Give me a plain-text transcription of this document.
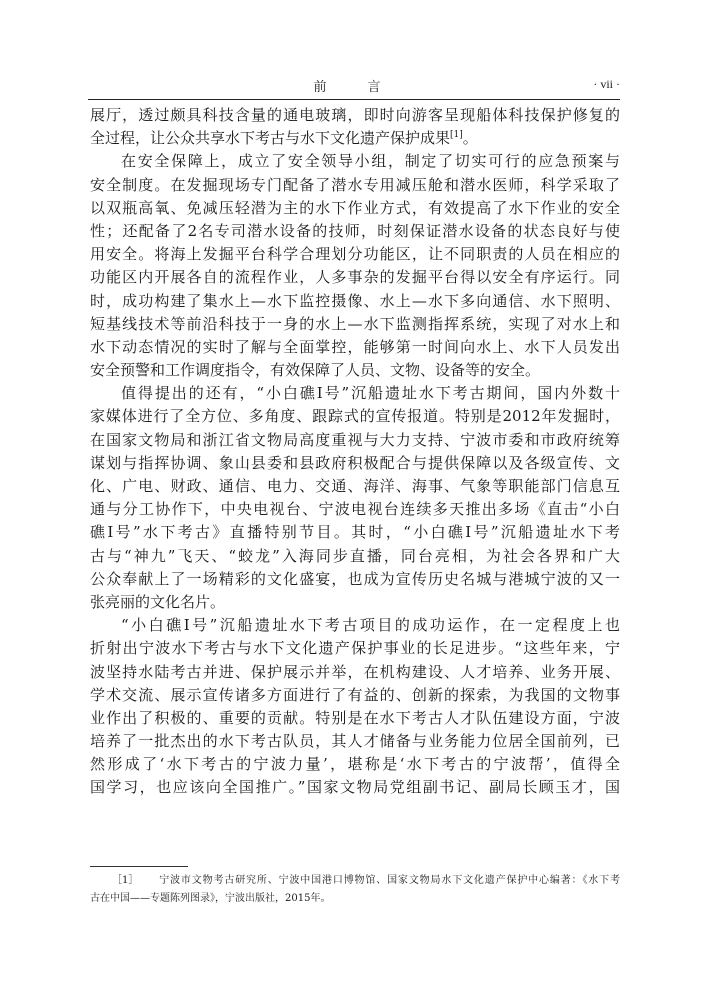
前　言	· vii ·
展厅，透过颇具科技含量的通电玻璃，即时向游客呈现船体科技保护修复的
全过程，让公众共享水下考古与水下文化遗产保护成果[1]。
在安全保障上，成立了安全领导小组，制定了切实可行的应急预案与
安全制度。在发掘现场专门配备了潜水专用减压舱和潜水医师，科学采取了
以双瓶高氧、免减压轻潜为主的水下作业方式，有效提高了水下作业的安全
性；还配备了2名专司潜水设备的技师，时刻保证潜水设备的状态良好与使
用安全。将海上发掘平台科学合理划分功能区，让不同职责的人员在相应的
功能区内开展各自的流程作业，人多事杂的发掘平台得以安全有序运行。同
时，成功构建了集水上—水下监控摄像、水上—水下多向通信、水下照明、
短基线技术等前沿科技于一身的水上—水下监测指挥系统，实现了对水上和
水下动态情况的实时了解与全面掌控，能够第一时间向水上、水下人员发出
安全预警和工作调度指令，有效保障了人员、文物、设备等的安全。
值得提出的还有，“小白礁Ⅰ号”沉船遗址水下考古期间，国内外数十
家媒体进行了全方位、多角度、跟踪式的宣传报道。特别是2012年发掘时，
在国家文物局和浙江省文物局高度重视与大力支持、宁波市委和市政府统筹
谋划与指挥协调、象山县委和县政府积极配合与提供保障以及各级宣传、文
化、广电、财政、通信、电力、交通、海洋、海事、气象等职能部门信息互
通与分工协作下，中央电视台、宁波电视台连续多天推出多场《直击“小白
礁Ⅰ号”水下考古》直播特别节目。其时，“小白礁Ⅰ号”沉船遗址水下考
古与“神九”飞天、“蛟龙”入海同步直播，同台亮相，为社会各界和广大
公众奉献上了一场精彩的文化盛宴，也成为宣传历史名城与港城宁波的又一
张亮丽的文化名片。
“小白礁Ⅰ号”沉船遗址水下考古项目的成功运作，在一定程度上也
折射出宁波水下考古与水下文化遗产保护事业的长足进步。“这些年来，宁
波坚持水陆考古并进、保护展示并举，在机构建设、人才培养、业务开展、
学术交流、展示宣传诸多方面进行了有益的、创新的探索，为我国的文物事
业作出了积极的、重要的贡献。特别是在水下考古人才队伍建设方面，宁波
培养了一批杰出的水下考古队员，其人才储备与业务能力位居全国前列，已
然形成了‘水下考古的宁波力量’，堪称是‘水下考古的宁波帮’，值得全
国学习，也应该向全国推广。”国家文物局党组副书记、副局长顾玉才，国
［1］ 宁波市文物考古研究所、宁波中国港口博物馆、国家文物局水下文化遗产保护中心编著：《水下考
古在中国——专题陈列图录》，宁波出版社，2015年。
